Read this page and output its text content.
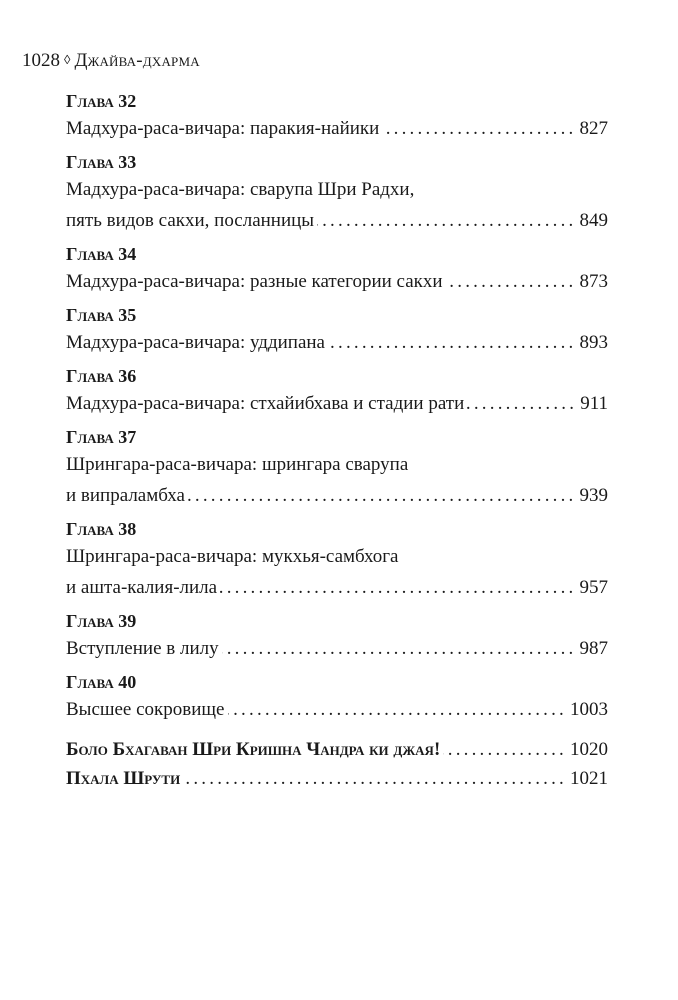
1028 ◊ Джайва-дхарма
Глава 32
Мадхура-раса-вичара: паракия-найики .....	827
Глава 33
Мадхура-раса-вичара: сварупа Шри Радхи,
пять видов сакхи, посланницы .....	849
Глава 34
Мадхура-раса-вичара: разные категории сакхи .....	873
Глава 35
Мадхура-раса-вичара: уддипана .....	893
Глава 36
Мадхура-раса-вичара: стхайибхава и стадии рати .....	911
Глава 37
Шрингара-раса-вичара: шрингара сварупа
и випраламбха .....	939
Глава 38
Шрингара-раса-вичара: мукхья-самбхога
и ашта-калия-лила .....	957
Глава 39
Вступление в лилу .....	987
Глава 40
Высшее сокровище .....	1003
Боло Бхагаван Шри Кришна Чандра ки джая! .....	1020
Пхала Шрути .....	1021
